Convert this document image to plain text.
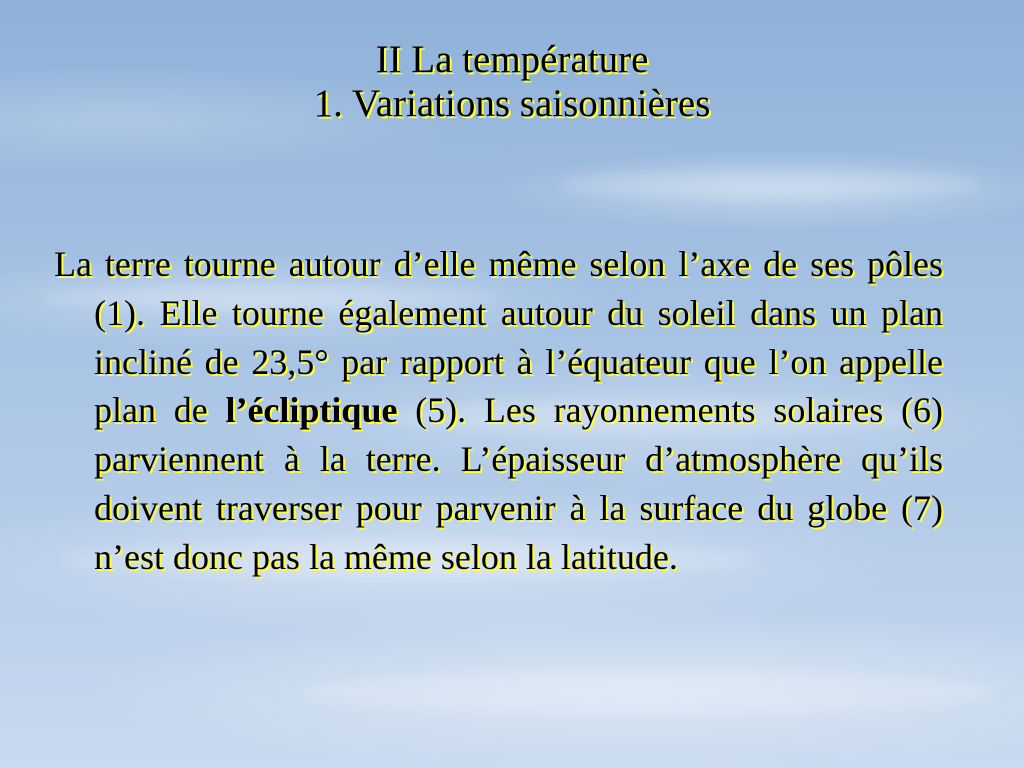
II La température
1. Variations saisonnières

La terre tourne autour d’elle même selon l’axe de ses pôles (1). Elle tourne également autour du soleil dans un plan incliné de 23,5° par rapport à l’équateur que l’on appelle plan de l’écliptique (5). Les rayonnements solaires (6) parviennent à la terre. L’épaisseur d’atmosphère qu’ils doivent traverser pour parvenir à la surface du globe (7) n’est donc pas la même selon la latitude.
